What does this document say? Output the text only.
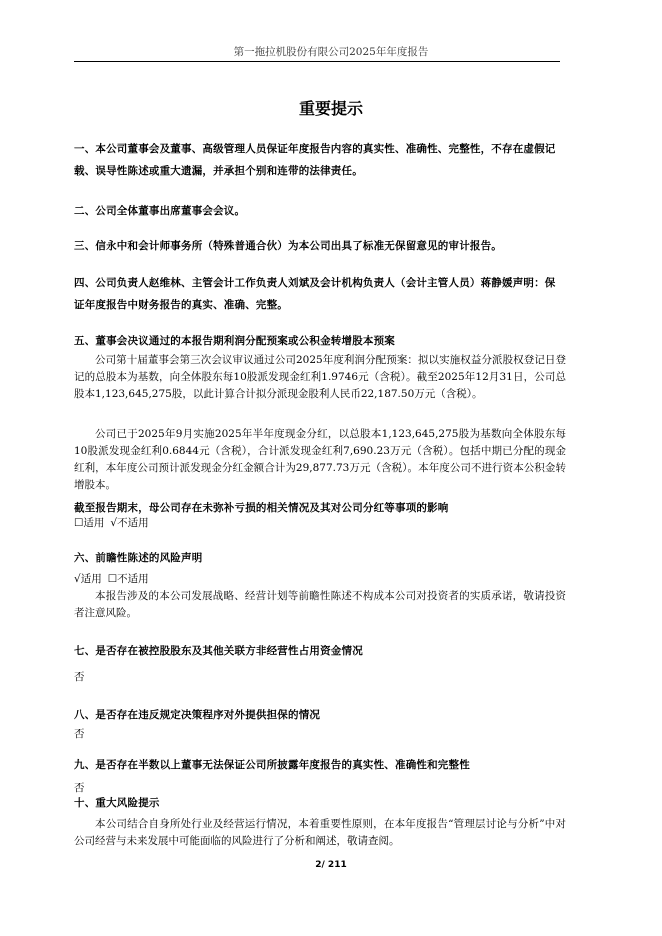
第一拖拉机股份有限公司2025年年度报告
重要提示
一、本公司董事会及董事、高级管理人员保证年度报告内容的真实性、准确性、完整性，不存在虚假记载、误导性陈述或重大遗漏，并承担个别和连带的法律责任。
二、公司全体董事出席董事会会议。
三、信永中和会计师事务所（特殊普通合伙）为本公司出具了标准无保留意见的审计报告。
四、公司负责人赵维林、主管会计工作负责人刘斌及会计机构负责人（会计主管人员）蒋静媛声明：保证年度报告中财务报告的真实、准确、完整。
五、董事会决议通过的本报告期利润分配预案或公积金转增股本预案
公司第十届董事会第三次会议审议通过公司2025年度利润分配预案：拟以实施权益分派股权登记日登记的总股本为基数，向全体股东每10股派发现金红利1.9746元（含税）。截至2025年12月31日，公司总股本1,123,645,275股，以此计算合计拟分派现金股利人民币22,187.50万元（含税）。
公司已于2025年9月实施2025年半年度现金分红，以总股本1,123,645,275股为基数向全体股东每10股派发现金红利0.6844元（含税），合计派发现金红利7,690.23万元（含税）。包括中期已分配的现金红利，本年度公司预计派发现金分红金额合计为29,877.73万元（含税）。本年度公司不进行资本公积金转增股本。
截至报告期末，母公司存在未弥补亏损的相关情况及其对公司分红等事项的影响
☐适用 √不适用
六、前瞻性陈述的风险声明
√适用 ☐不适用
本报告涉及的本公司发展战略、经营计划等前瞻性陈述不构成本公司对投资者的实质承诺，敬请投资者注意风险。
七、是否存在被控股股东及其他关联方非经营性占用资金情况
否
八、是否存在违反规定决策程序对外提供担保的情况
否
九、是否存在半数以上董事无法保证公司所披露年度报告的真实性、准确性和完整性
否
十、重大风险提示
本公司结合自身所处行业及经营运行情况，本着重要性原则，在本年度报告“管理层讨论与分析”中对公司经营与未来发展中可能面临的风险进行了分析和阐述，敬请查阅。
2/ 211
